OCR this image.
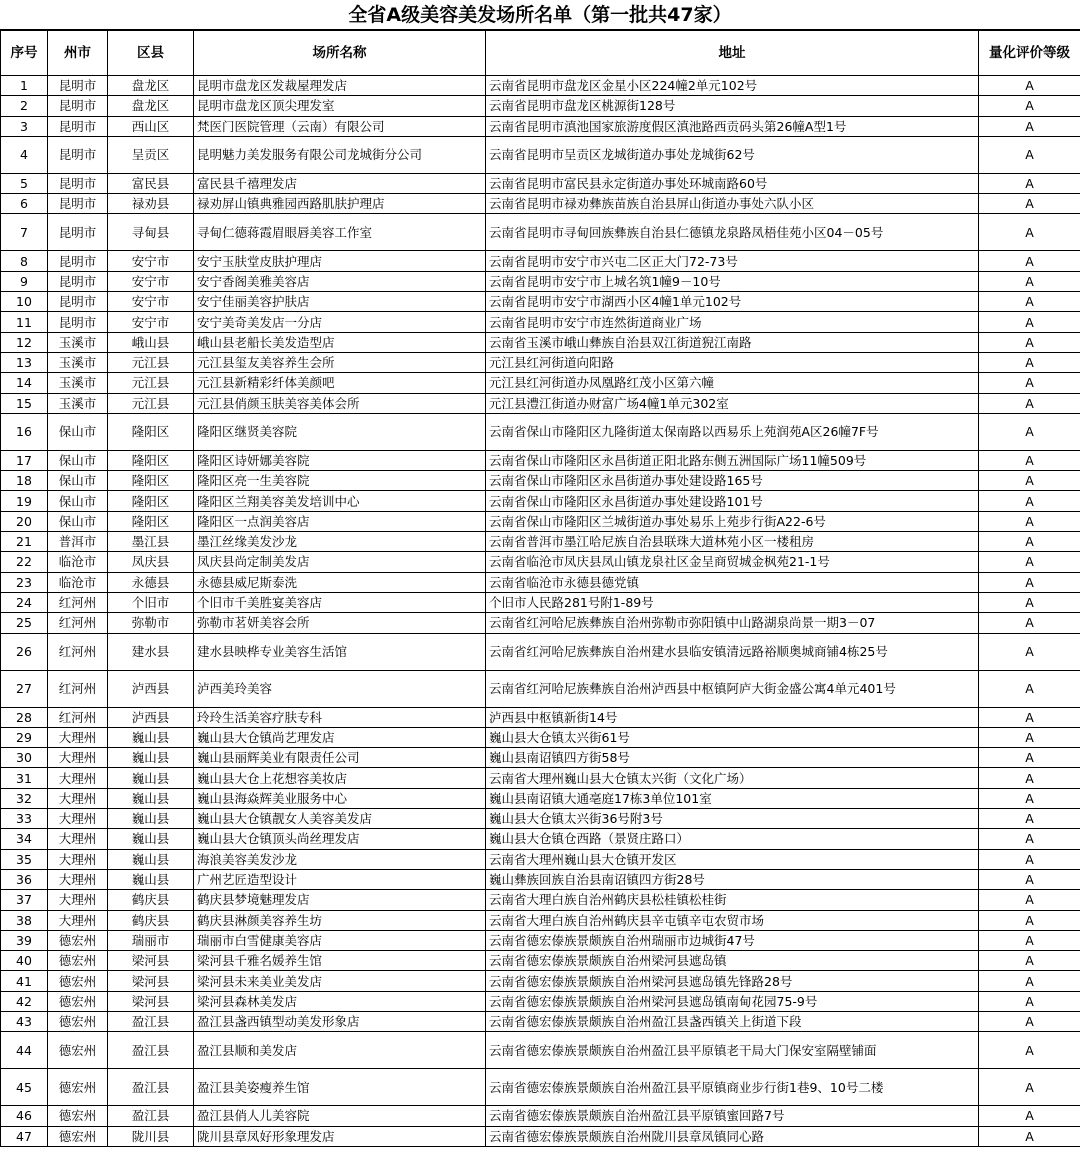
全省A级美容美发场所名单（第一批共47家）
序号	州市	区县	场所名称	地址	量化评价等级
1	昆明市	盘龙区	昆明市盘龙区发裁屋理发店	云南省昆明市盘龙区金星小区224幢2单元102号	A
2	昆明市	盘龙区	昆明市盘龙区顶尖理发室	云南省昆明市盘龙区桃源街128号	A
3	昆明市	西山区	梵医门医院管理（云南）有限公司	云南省昆明市滇池国家旅游度假区滇池路西贡码头第26幢A型1号	A
4	昆明市	呈贡区	昆明魅力美发服务有限公司龙城街分公司	云南省昆明市呈贡区龙城街道办事处龙城街62号	A
5	昆明市	富民县	富民县千禧理发店	云南省昆明市富民县永定街道办事处环城南路60号	A
6	昆明市	禄劝县	禄劝屏山镇典雅园西路肌肤护理店	云南省昆明市禄劝彝族苗族自治县屏山街道办事处六队小区	A
7	昆明市	寻甸县	寻甸仁德蒋霞眉眼唇美容工作室	云南省昆明市寻甸回族彝族自治县仁德镇龙泉路凤梧佳苑小区04－05号	A
8	昆明市	安宁市	安宁玉肤堂皮肤护理店	云南省昆明市安宁市兴屯二区正大门72-73号	A
9	昆明市	安宁市	安宁香阁美雅美容店	云南省昆明市安宁市上城名筑1幢9－10号	A
10	昆明市	安宁市	安宁佳丽美容护肤店	云南省昆明市安宁市湖西小区4幢1单元102号	A
11	昆明市	安宁市	安宁美奇美发店一分店	云南省昆明市安宁市连然街道商业广场	A
12	玉溪市	峨山县	峨山县老船长美发造型店	云南省玉溪市峨山彝族自治县双江街道猊江南路	A
13	玉溪市	元江县	元江县玺友美容养生会所	元江县红河街道向阳路	A
14	玉溪市	元江县	元江县新精彩纤体美颜吧	元江县红河街道办凤凰路红茂小区第六幢	A
15	玉溪市	元江县	元江县俏颜玉肤美容美体会所	元江县澧江街道办财富广场4幢1单元302室	A
16	保山市	隆阳区	隆阳区继贤美容院	云南省保山市隆阳区九隆街道太保南路以西易乐上苑润苑A区26幢7F号	A
17	保山市	隆阳区	隆阳区诗妍娜美容院	云南省保山市隆阳区永昌街道正阳北路东侧五洲国际广场11幢509号	A
18	保山市	隆阳区	隆阳区亮一生美容院	云南省保山市隆阳区永昌街道办事处建设路165号	A
19	保山市	隆阳区	隆阳区兰翔美容美发培训中心	云南省保山市隆阳区永昌街道办事处建设路101号	A
20	保山市	隆阳区	隆阳区一点润美容店	云南省保山市隆阳区兰城街道办事处易乐上苑步行街A22-6号	A
21	普洱市	墨江县	墨江丝缘美发沙龙	云南省普洱市墨江哈尼族自治县联珠大道林苑小区一楼租房	A
22	临沧市	凤庆县	凤庆县尚定制美发店	云南省临沧市凤庆县凤山镇龙泉社区金呈商贸城金枫苑21-1号	A
23	临沧市	永德县	永德县威尼斯泰洗	云南省临沧市永德县德党镇	A
24	红河州	个旧市	个旧市千美胜宴美容店	个旧市人民路281号附1-89号	A
25	红河州	弥勒市	弥勒市茗妍美容会所	云南省红河哈尼族彝族自治州弥勒市弥阳镇中山路湖泉尚景一期3－07	A
26	红河州	建水县	建水县映桦专业美容生活馆	云南省红河哈尼族彝族自治州建水县临安镇清远路裕顺奥城商铺4栋25号	A
27	红河州	泸西县	泸西美玲美容	云南省红河哈尼族彝族自治州泸西县中枢镇阿庐大街金盛公寓4单元401号	A
28	红河州	泸西县	玲玲生活美容疗肤专科	泸西县中枢镇新街14号	A
29	大理州	巍山县	巍山县大仓镇尚艺理发店	巍山县大仓镇太兴街61号	A
30	大理州	巍山县	巍山县丽辉美业有限责任公司	巍山县南诏镇四方街58号	A
31	大理州	巍山县	巍山县大仓上花想容美妆店	云南省大理州巍山县大仓镇太兴街（文化广场）	A
32	大理州	巍山县	巍山县海焱辉美业服务中心	巍山县南诏镇大通亳庭17栋3单位101室	A
33	大理州	巍山县	巍山县大仓镇靓女人美容美发店	巍山县大仓镇太兴街36号附3号	A
34	大理州	巍山县	巍山县大仓镇顶头尚丝理发店	巍山县大仓镇仓西路（景贤庄路口）	A
35	大理州	巍山县	海浪美容美发沙龙	云南省大理州巍山县大仓镇开发区	A
36	大理州	巍山县	广州艺匠造型设计	巍山彝族回族自治县南诏镇四方街28号	A
37	大理州	鹤庆县	鹤庆县梦境魅理发店	云南省大理白族自治州鹤庆县松桂镇松桂街	A
38	大理州	鹤庆县	鹤庆县淋颜美容养生坊	云南省大理白族自治州鹤庆县辛屯镇辛屯农贸市场	A
39	德宏州	瑞丽市	瑞丽市白雪健康美容店	云南省德宏傣族景颇族自治州瑞丽市边城街47号	A
40	德宏州	梁河县	梁河县千雅名媛养生馆	云南省德宏傣族景颇族自治州梁河县遮岛镇	A
41	德宏州	梁河县	梁河县未来美业美发店	云南省德宏傣族景颇族自治州梁河县遮岛镇先锋路28号	A
42	德宏州	梁河县	梁河县森林美发店	云南省德宏傣族景颇族自治州梁河县遮岛镇南甸花园75-9号	A
43	德宏州	盈江县	盈江县盏西镇型动美发形象店	云南省德宏傣族景颇族自治州盈江县盏西镇关上街道下段	A
44	德宏州	盈江县	盈江县顺和美发店	云南省德宏傣族景颇族自治州盈江县平原镇老干局大门保安室隔壁铺面	A
45	德宏州	盈江县	盈江县美姿瘦养生馆	云南省德宏傣族景颇族自治州盈江县平原镇商业步行街1巷9、10号二楼	A
46	德宏州	盈江县	盈江县俏人儿美容院	云南省德宏傣族景颇族自治州盈江县平原镇蜜回路7号	A
47	德宏州	陇川县	陇川县章凤好形象理发店	云南省德宏傣族景颇族自治州陇川县章凤镇同心路	A
